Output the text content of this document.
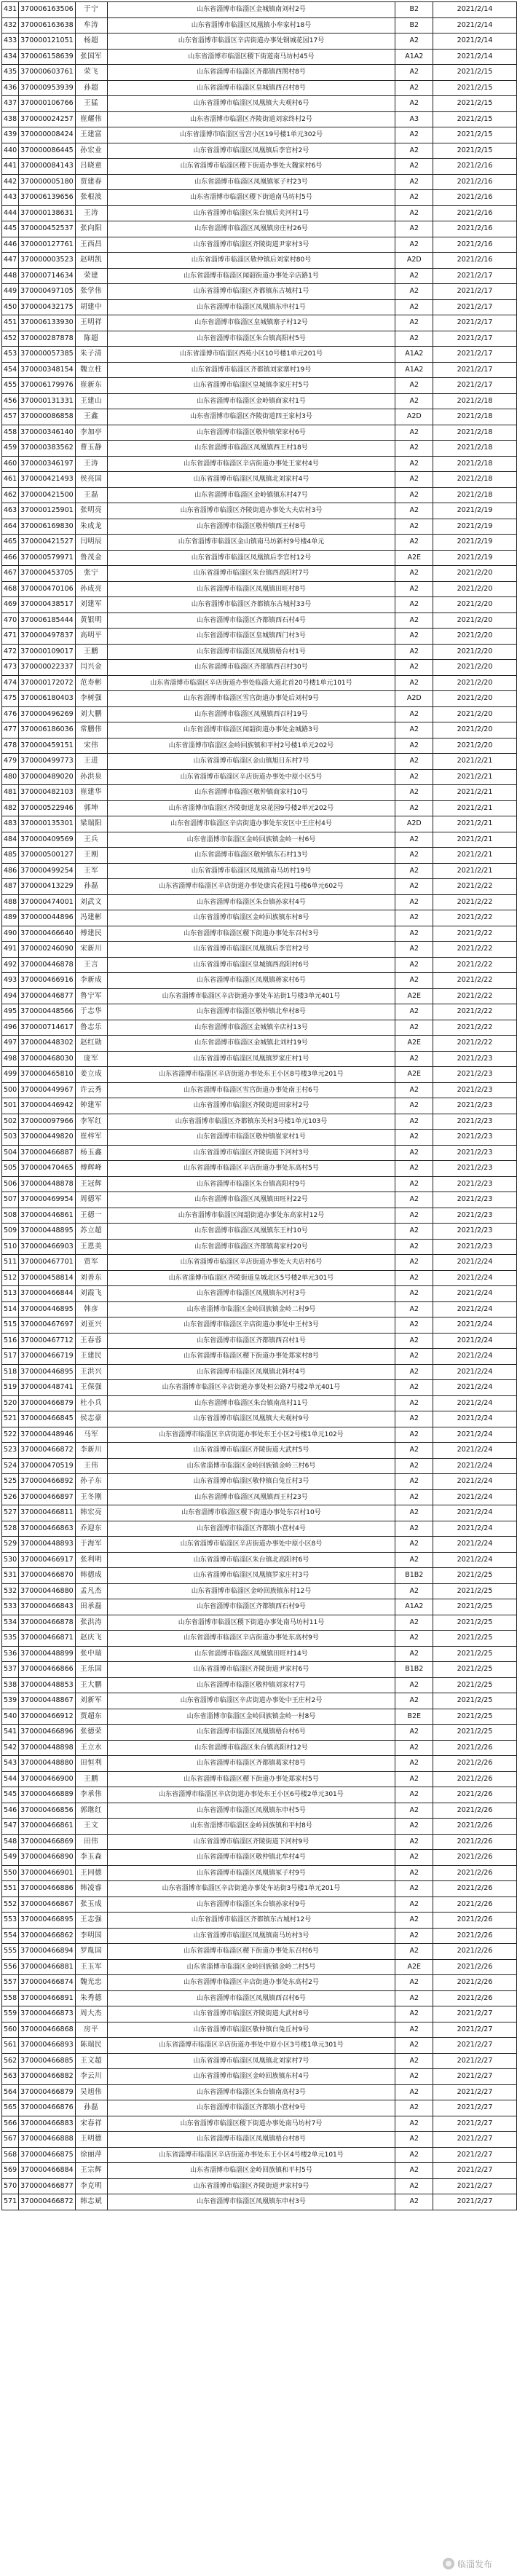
431	370006163506	于宁	山东省淄博市临淄区金城镇南刘村2号	B2	2021/2/14
432	370006163638	牟涛	山东省淄博市临淄区凤凰镇小牟家村18号	B2	2021/2/14
433	370000121051	杨超	山东省淄博市临淄区辛店街道办事处钢城花园17号	A2	2021/2/14
434	370006158639	张国军	山东省淄博市临淄区稷下街道南马坊村45号	A1A2	2021/2/14
435	370000603761	荣飞	山东省淄博市临淄区齐都镇西関村8号	A2	2021/2/15
436	370000953939	孙超	山东省淄博市临淄区皇城镇西召村8号	A2	2021/2/15
437	370000106766	王猛	山东省淄博市临淄区凤凰镇大夫观村6号	A2	2021/2/15
438	370000024257	崔耀伟	山东省淄博市临淄区齐陵街道刘家终村2号	A3	2021/2/15
439	370000008424	王建富	山东省淄博市临淄区雪宫小区19号楼1单元302号	A2	2021/2/15
440	370000086445	孙宏业	山东省淄博市临淄区凤凰镇后李官村2号	A2	2021/2/15
441	370000084143	吕晓童	山东省淄博市临淄区稷下街道办事处大魏家村6号	A2	2021/2/16
442	370000005180	贾建春	山东省淄博市临淄区凤凰镇冢子村23号	A2	2021/2/16
443	370006139656	张根波	山东省淄博市临淄区稷下街道南马坊村5号	A2	2021/2/16
444	370000138631	王涛	山东省淄博市临淄区朱台镇后夹河村1号	A2	2021/2/16
445	370000452537	张向阳	山东省淄博市临淄区凤凰镇房庄村26号	A2	2021/2/16
446	370000127761	王西昌	山东省淄博市临淄区齐陵街道尹家村3号	A2	2021/2/16
447	370000003523	赵明凯	山东省淄博市临淄区敬仲镇后刘家村80号	A2D	2021/2/16
448	370000714634	荣建	山东省淄博市临淄区闻韶街道办事处辛店路1号	A2	2021/2/17
449	370000497105	张学伟	山东省淄博市临淄区齐都镇东古城村1号	A2	2021/2/17
450	370000432175	胡建中	山东省淄博市临淄区凤凰镇东申村1号	A2	2021/2/17
451	370006133930	王明祥	山东省淄博市临淄区皇城镇寨子村12号	A2	2021/2/17
452	370000287878	陈超	山东省淄博市临淄区朱台镇高阳村5号	A2	2021/2/17
453	370000057385	朱子清	山东省淄博市临淄区西苑小区10号楼1单元201号	A1A2	2021/2/17
454	370000348154	魏立柱	山东省淄博市临淄区齐都镇刘家寨村19号	A1A2	2021/2/17
455	370006179976	崔新东	山东省淄博市临淄区皇城镇李家庄村5号	A2	2021/2/17
456	370000131331	王建山	山东省淄博市临淄区金岭镇商家村1号	A2	2021/2/18
457	370000086858	王鑫	山东省淄博市临淄区齐陵街道四王家村3号	A2D	2021/2/18
458	370000346140	李加亭	山东省淄博市临淄区敬仲镇荣家村6号	A2	2021/2/18
459	370000383562	曹玉静	山东省淄博市临淄区凤凰镇西王村18号	A2	2021/2/18
460	370000346197	王涛	山东省淄博市临淄区辛店街道办事处王家村4号	A2	2021/2/18
461	370000421493	侯亮国	山东省淄博市临淄区凤凰镇北刘家村4号	A2	2021/2/18
462	370000421500	王磊	山东省淄博市临淄区金岭镇镇东村47号	A2	2021/2/18
463	370000125901	张明亮	山东省淄博市临淄区齐陵街道办事处大夫店村3号	A2	2021/2/19
464	370006169830	朱成龙	山东省淄博市临淄区敬仲镇西王村8号	A2	2021/2/19
465	370000421527	闫明辰	山东省淄博市临淄区金山镇南马坊新村9号楼4单元	A2	2021/2/19
466	370000579971	鲁茂金	山东省淄博市临淄区凤凰镇后李官村12号	A2E	2021/2/19
467	370000453705	张宁	山东省淄博市临淄区朱台镇西高阳村7号	A2	2021/2/20
468	370000470106	孙成亮	山东省淄博市临淄区凤凰镇田旺村8号	A2	2021/2/20
469	370000438517	刘建军	山东省淄博市临淄区齐都镇东古城村33号	A2	2021/2/20
470	370006185444	黄银明	山东省淄博市临淄区齐都镇西石村4号	A2	2021/2/20
471	370000497837	高明平	山东省淄博市临淄区皇城镇西门村3号	A2	2021/2/20
472	370000109017	王鹏	山东省淄博市临淄区凤凰镇梧台村1号	A2	2021/2/20
473	370000022337	闫兴金	山东省淄博市临淄区齐都镇西召村30号	A2	2021/2/20
474	370000172072	范寿彬	山东省淄博市临淄区辛店街道办事处临淄大道北首20号楼1单元101号	A2	2021/2/20
475	370006180403	李树强	山东省淄博市临淄区雪宫街道办事处后刘村9号	A2D	2021/2/20
476	370000496269	刘大鹏	山东省淄博市临淄区凤凰镇西召村19号	A2	2021/2/20
477	370006186036	常鹏伟	山东省淄博市临淄区闻韶街道办事处金城路3号	A2	2021/2/20
478	370000459151	宋伟	山东省淄博市临淄区金岭回族镇和平村2号楼1单元202号	A2	2021/2/20
479	370000499773	王进	山东省淄博市临淄区金山镇旭日东村7号	A2	2021/2/21
480	370000489020	孙洪泉	山东省淄博市临淄区辛店街道办事处中原小区5号	A2	2021/2/21
481	370000482103	崔建华	山东省淄博市临淄区敬仲镇商家村10号	A2	2021/2/21
482	370000522946	郭坤	山东省淄博市临淄区齐陵街道龙泉花园9号楼2单元202号	A2	2021/2/21
483	370000135301	梁瑞阳	山东省淄博市临淄区辛店街道办事处东安区中王庄村4号	A2D	2021/2/21
484	370000409569	王兵	山东省淄博市临淄区金岭回族镇金岭一村6号	A2	2021/2/21
485	370000500127	王刚	山东省淄博市临淄区敬仲镇东石村13号	A2	2021/2/21
486	370000499254	王军	山东省淄博市临淄区凤凰镇南马坊村19号	A2	2021/2/21
487	370000413229	孙磊	山东省淄博市临淄区辛店街道办事处康宾花园1号楼6单元602号	A2	2021/2/22
488	370000474001	刘武文	山东省淄博市临淄区朱台镇孙家村4号	A2	2021/2/22
489	370000044896	冯建彬	山东省淄博市临淄区金岭回族镇东村8号	A2	2021/2/22
490	370000466640	傅建民	山东省淄博市临淄区稷下街道办事处东召村3号	A2	2021/2/22
491	370000246090	宋新川	山东省淄博市临淄区凤凰镇后李官村2号	A2	2021/2/22
492	370000446878	王言	山东省淄博市临淄区皇城镇西高阳村6号	A2	2021/2/22
493	370000466916	李新成	山东省淄博市临淄区凤凰镇蒋家村6号	A2	2021/2/22
494	370000446877	鲁宁军	山东省淄博市临淄区辛店街道办事处车站街1号楼3单元401号	A2E	2021/2/22
495	370000448566	于志华	山东省淄博市临淄区敬仲镇北牟村8号	A2	2021/2/22
496	370000714617	鲁志乐	山东省淄博市临淄区金城镇辛店村13号	A2	2021/2/22
497	370000448302	赵红勋	山东省淄博市临淄区金城镇北刘村19号	A2E	2021/2/22
498	370000468030	庞军	山东省淄博市临淄区凤凰镇罗家庄村1号	A2	2021/2/23
499	370000465810	姜立成	山东省淄博市临淄区辛店街道办事处东王小区8号楼3单元201号	A2E	2021/2/23
500	370000449967	许云秀	山东省淄博市临淄区雪宫街道办事处南王村6号	A2	2021/2/23
501	370000446942	钟建军	山东省淄博市临淄区齐陵街道田家村2号	A2	2021/2/23
502	370000097966	李军红	山东省淄博市临淄区齐都镇东关村3号楼1单元103号	A2	2021/2/23
503	370000449820	崔梓军	山东省淄博市临淄区敬仲镇崔家村1号	A2	2021/2/23
504	370000466887	杨玉鑫	山东省淄博市临淄区齐陵街道下河村3号	A2	2021/2/23
505	370000470465	傅辉峰	山东省淄博市临淄区辛店街道办事处东高村5号	A2	2021/2/23
506	370000448878	王冠辉	山东省淄博市临淄区朱台镇高阳村9号	A2	2021/2/23
507	370000469954	周德军	山东省淄博市临淄区凤凰镇田旺村22号	A2	2021/2/23
508	370000446861	王德一	山东省淄博市临淄区闻韶街道办事处东高家村12号	A2	2021/2/23
509	370000448895	苏立超	山东省淄博市临淄区凤凰镇东王村10号	A2	2021/2/23
510	370000466903	王恩美	山东省淄博市临淄区齐都镇葛家村20号	A2	2021/2/23
511	370000467701	贾军	山东省淄博市临淄区辛店街道办事处大夫店村6号	A2	2021/2/24
512	370000458814	刘善东	山东省淄博市临淄区齐陵街道皇城北区5号楼2单元301号	A2	2021/2/24
513	370000466844	刘霞飞	山东省淄博市临淄区凤凰镇东河村3号	A2	2021/2/24
514	370000446895	韩彦	山东省淄博市临淄区金岭回族镇金岭二村9号	A2	2021/2/24
515	370000467697	刘亚兴	山东省淄博市临淄区辛店街道办事处中王村3号	A2	2021/2/24
516	370000467712	王春蓉	山东省淄博市临淄区齐都镇西召村1号	A2	2021/2/24
517	370000466719	王建民	山东省淄博市临淄区稷下街道办事处郑家村8号	A2	2021/2/24
518	370000446895	王洪兴	山东省淄博市临淄区凤凰镇北韩村4号	A2	2021/2/24
519	370000448741	王保强	山东省淄博市临淄区辛店街道办事处桓公路7号楼2单元401号	A2	2021/2/24
520	370000466879	杜小兵	山东省淄博市临淄区朱台镇南高村11号	A2	2021/2/24
521	370000466845	侯志豪	山东省淄博市临淄区凤凰镇大夫观村9号	A2	2021/2/24
522	370000448946	马军	山东省淄博市临淄区辛店街道办事处东王小区2号楼1单元102号	A2	2021/2/24
523	370000466872	李新川	山东省淄博市临淄区齐陵街道大武村5号	A2	2021/2/24
524	370000470519	王伟	山东省淄博市临淄区金岭回族镇金岭三村6号	A2	2021/2/24
525	370000466892	孙子东	山东省淄博市临淄区敬仲镇白兔丘村3号	A2	2021/2/24
526	370000466897	王冬刚	山东省淄博市临淄区凤凰镇西王村23号	A2	2021/2/24
527	370000466811	韩宏亮	山东省淄博市临淄区稷下街道办事处东召村10号	A2	2021/2/24
528	370000466863	乔迎东	山东省淄博市临淄区齐都镇小营村4号	A2	2021/2/24
529	370000448893	于海军	山东省淄博市临淄区辛店街道办事处中原小区8号	A2	2021/2/24
530	370000466917	张利明	山东省淄博市临淄区朱台镇北高阳村6号	A2	2021/2/24
531	370000466870	韩德成	山东省淄博市临淄区凤凰镇罗家庄村3号	B1B2	2021/2/25
532	370000446880	孟凡杰	山东省淄博市临淄区金岭回族镇东村12号	A2	2021/2/25
533	370000466843	田承磊	山东省淄博市临淄区齐都镇西石村9号	A1A2	2021/2/25
534	370000466878	张洪涛	山东省淄博市临淄区稷下街道办事处南马坊村11号	A2	2021/2/25
535	370000466871	赵庆飞	山东省淄博市临淄区辛店街道办事处东高村9号	A2	2021/2/25
536	370000448899	张中瑞	山东省淄博市临淄区凤凰镇田旺村14号	A2	2021/2/25
537	370000466866	王乐国	山东省淄博市临淄区齐陵街道尹家村6号	B1B2	2021/2/25
538	370000448853	王大鹏	山东省淄博市临淄区敬仲镇刘家村7号	A2	2021/2/25
539	370000448867	刘新军	山东省淄博市临淄区辛店街道办事处中王庄村2号	A2	2021/2/25
540	370000466912	贾超东	山东省淄博市临淄区金岭回族镇金岭一村8号	B2E	2021/2/25
541	370000466896	张德荣	山东省淄博市临淄区凤凰镇梧台村6号	A2	2021/2/25
542	370000448898	王立水	山东省淄博市临淄区朱台镇高阳村12号	A2	2021/2/26
543	370000448880	田恒利	山东省淄博市临淄区齐都镇葛家村8号	A2	2021/2/26
544	370000466900	王鹏	山东省淄博市临淄区稷下街道办事处郑家村5号	A2	2021/2/26
545	370000466889	李承伟	山东省淄博市临淄区辛店街道办事处东王小区6号楼2单元301号	A2	2021/2/26
546	370000466856	郭继红	山东省淄博市临淄区凤凰镇东申村5号	A2	2021/2/26
547	370000466861	王文	山东省淄博市临淄区金岭回族镇和平村8号	A2	2021/2/26
548	370000466869	田伟	山东省淄博市临淄区齐陵街道下河村9号	A2	2021/2/26
549	370000466890	李玉森	山东省淄博市临淄区敬仲镇北牟村4号	A2	2021/2/26
550	370000466901	王同德	山东省淄博市临淄区凤凰镇冢子村9号	A2	2021/2/26
551	370000466886	韩凌睿	山东省淄博市临淄区辛店街道办事处车站街3号楼1单元201号	A2	2021/2/26
552	370000466867	张玉成	山东省淄博市临淄区朱台镇孙家村9号	A2	2021/2/26
553	370000466895	王志强	山东省淄博市临淄区齐都镇东古城村12号	A2	2021/2/26
554	370000466862	李明国	山东省淄博市临淄区凤凰镇南马坊村3号	A2	2021/2/26
555	370000466894	罗胤国	山东省淄博市临淄区稷下街道办事处东召村6号	A2	2021/2/26
556	370000466881	王玉军	山东省淄博市临淄区金岭回族镇金岭二村5号	A2E	2021/2/26
557	370000466874	魏光忠	山东省淄博市临淄区辛店街道办事处东高村2号	A2	2021/2/26
558	370000466891	朱秀德	山东省淄博市临淄区凤凰镇西召村6号	A2	2021/2/26
559	370000466873	周大杰	山东省淄博市临淄区齐陵街道大武村8号	A2	2021/2/27
560	370000466868	房平	山东省淄博市临淄区敬仲镇白兔丘村9号	A2	2021/2/27
561	370000466893	陈瑞民	山东省淄博市临淄区辛店街道办事处中原小区3号楼1单元301号	A2	2021/2/27
562	370000466885	王文超	山东省淄博市临淄区凤凰镇北刘家村7号	A2	2021/2/27
563	370000466882	李云川	山东省淄博市临淄区金岭回族镇东村4号	A2	2021/2/27
564	370000466879	吴旭伟	山东省淄博市临淄区朱台镇南高村3号	A2	2021/2/27
565	370000466876	孙磊	山东省淄博市临淄区齐都镇小营村9号	A2	2021/2/27
566	370000466883	宋春祥	山东省淄博市临淄区稷下街道办事处南马坊村7号	A2	2021/2/27
567	370000466888	王明德	山东省淄博市临淄区凤凰镇梧台村8号	A2	2021/2/27
568	370000466875	徐丽萍	山东省淄博市临淄区辛店街道办事处东王小区4号楼2单元101号	A2	2021/2/27
569	370000466884	王宗辉	山东省淄博市临淄区金岭回族镇和平村5号	A2	2021/2/27
570	370000466877	李克明	山东省淄博市临淄区齐陵街道尹家村9号	A2	2021/2/27
571	370000466872	韩志斌	山东省淄博市临淄区凤凰镇东申村3号	A2	2021/2/27
临淄发布
